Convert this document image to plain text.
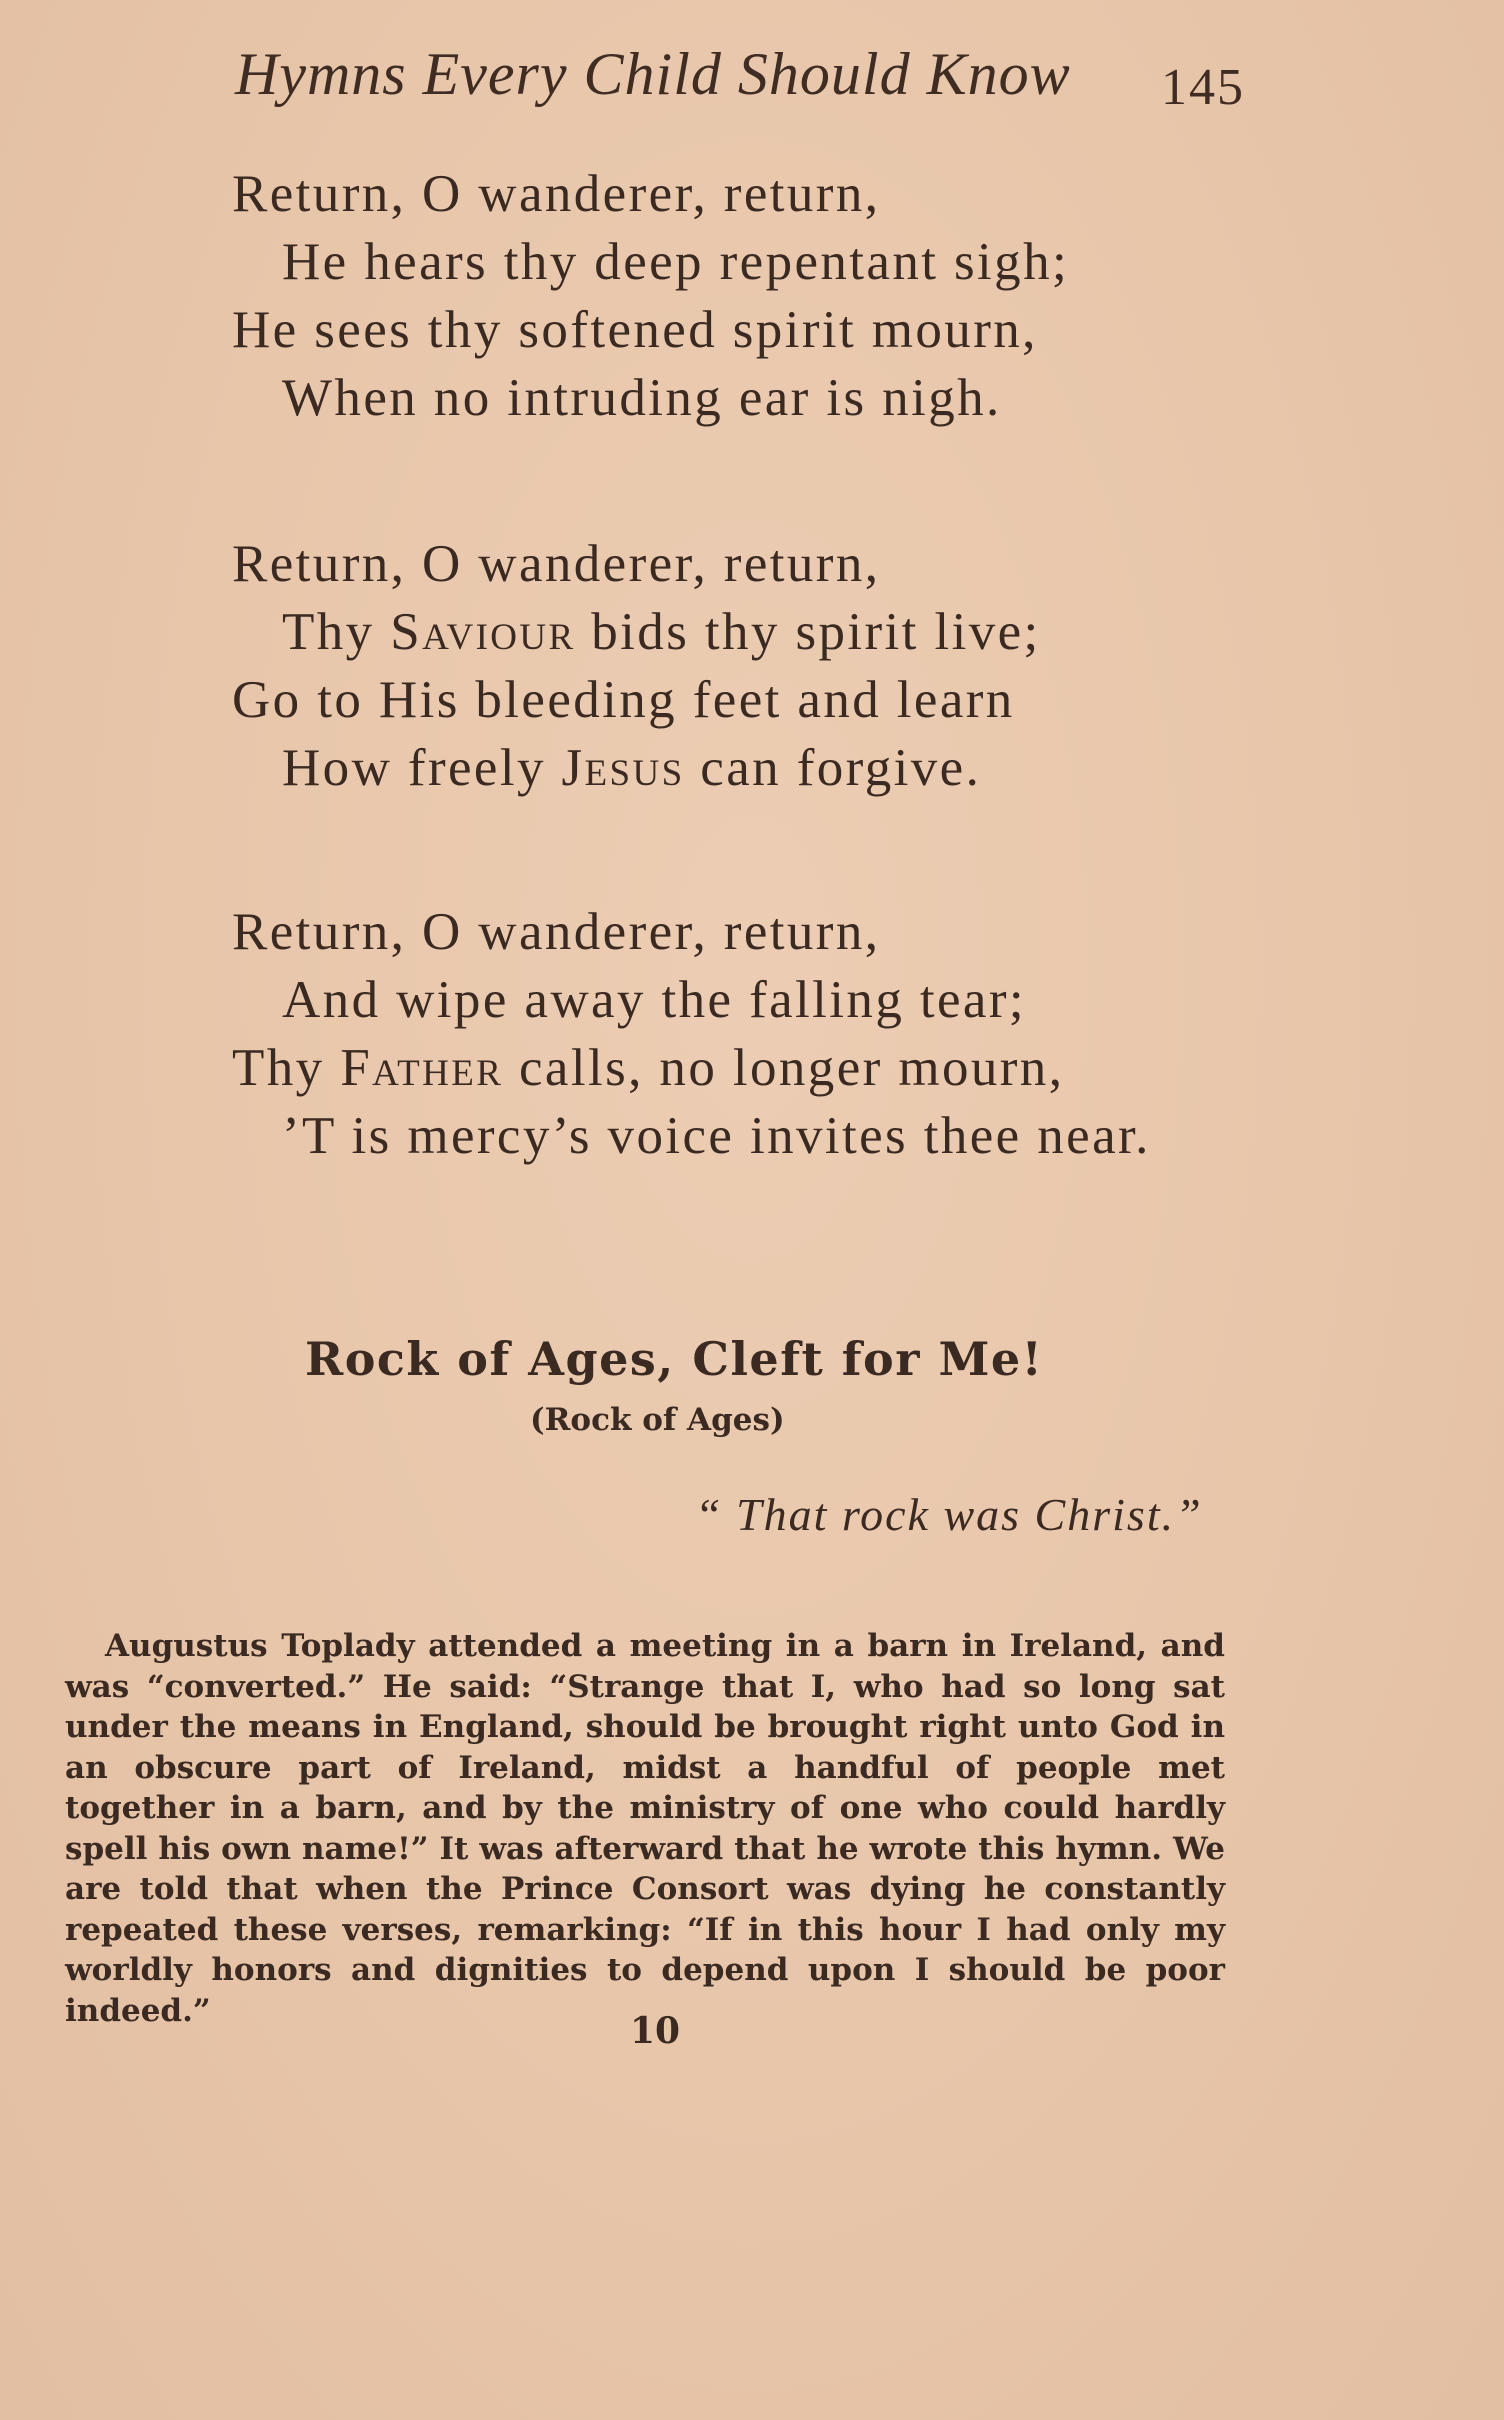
Hymns Every Child Should Know 145
Return, O wanderer, return,
He hears thy deep repentant sigh;
He sees thy softened spirit mourn,
When no intruding ear is nigh.
Return, O wanderer, return,
Thy Saviour bids thy spirit live;
Go to His bleeding feet and learn
How freely Jesus can forgive.
Return, O wanderer, return,
And wipe away the falling tear;
Thy Father calls, no longer mourn,
’T is mercy’s voice invites thee near.
Rock of Ages, Cleft for Me!
(Rock of Ages)
“ That rock was Christ.”

Augustus Toplady attended a meeting in a barn in Ireland, and was “converted.” He said: “Strange that I, who had so long sat under the means in England, should be brought right unto God in an obscure part of Ireland, midst a handful of people met together in a barn, and by the ministry of one who could hardly spell his own name!” It was afterward that he wrote this hymn. We are told that when the Prince Consort was dying he constantly repeated these verses, remarking: “If in this hour I had only my worldly honors and dignities to depend upon I should be poor indeed.”	10
